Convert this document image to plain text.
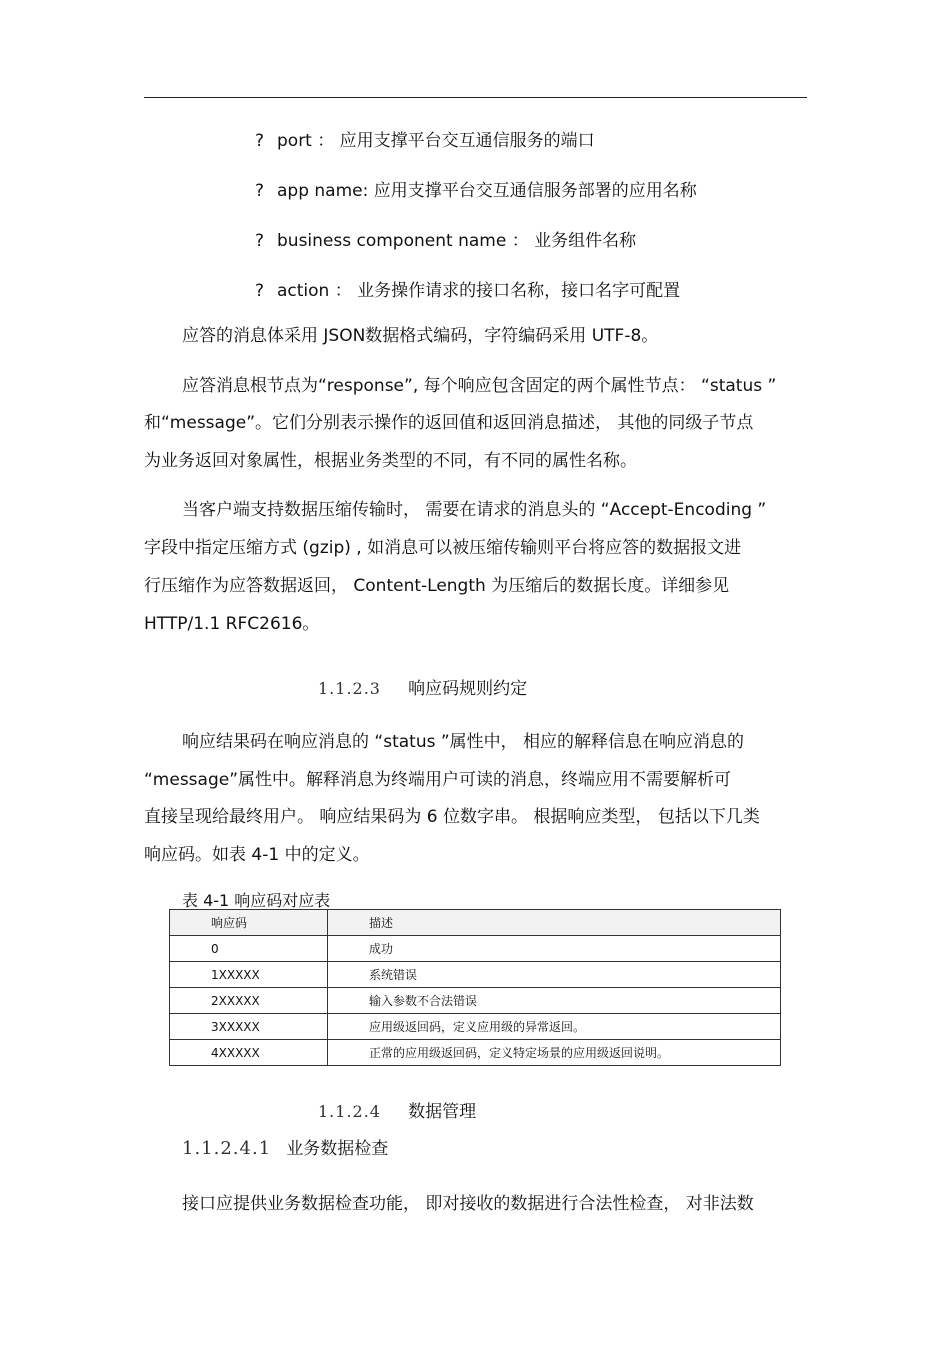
? port ： 应用支撑平台交互通信服务的端口
? app name: 应用支撑平台交互通信服务部署的应用名称
? business component name ： 业务组件名称
? action ： 业务操作请求的接口名称，接口名字可配置
应答的消息体采用 JSON数据格式编码，字符编码采用 UTF-8。
应答消息根节点为“response”, 每个响应包含固定的两个属性节点： “status ”
和“message”。它们分别表示操作的返回值和返回消息描述， 其他的同级子节点
为业务返回对象属性，根据业务类型的不同，有不同的属性名称。
当客户端支持数据压缩传输时， 需要在请求的消息头的 “Accept-Encoding ”
字段中指定压缩方式 (gzip) , 如消息可以被压缩传输则平台将应答的数据报文进
行压缩作为应答数据返回， Content-Length 为压缩后的数据长度。详细参见
HTTP/1.1 RFC2616。
1.1.2.3 响应码规则约定
响应结果码在响应消息的 “status ”属性中， 相应的解释信息在响应消息的
“message”属性中。解释消息为终端用户可读的消息，终端应用不需要解析可
直接呈现给最终用户。 响应结果码为 6 位数字串。 根据响应类型， 包括以下几类
响应码。如表 4-1 中的定义。
表 4-1 响应码对应表
响应码	描述
0	成功
1XXXXX	系统错误
2XXXXX	输入参数不合法错误
3XXXXX	应用级返回码，定义应用级的异常返回。
4XXXXX	正常的应用级返回码，定义特定场景的应用级返回说明。
1.1.2.4 数据管理
1.1.2.4.1 业务数据检查
接口应提供业务数据检查功能， 即对接收的数据进行合法性检查， 对非法数
